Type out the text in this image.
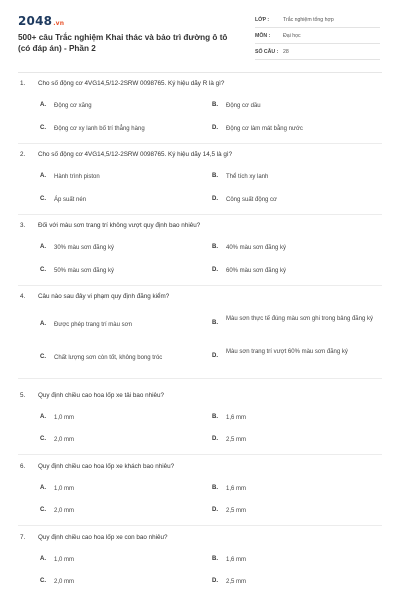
2048.vn
500+ câu Trắc nghiệm Khai thác và bảo trì đường ô tô (có đáp án) - Phần 2
LỚP :	Trắc nghiệm tổng hợp
MÔN : Đại học
SỐ CÂU : 28
1. Cho số động cơ 4VG14,5/12-2SRW 0098765. Ký hiệu dãy R là gì?
A. Động cơ xăng	B. Động cơ dầu
C. Động cơ xy lanh bố trí thẳng hàng	D. Động cơ làm mát bằng nước
2. Cho số động cơ 4VG14,5/12-2SRW 0098765. Ký hiệu dãy 14,5 là gì?
A. Hành trình piston	B. Thể tích xy lanh
C. Áp suất nén	D. Công suất động cơ
3. Đối với màu sơn trang trí không vượt quy định bao nhiêu?
A. 30% màu sơn đăng ký	B. 40% màu sơn đăng ký
C. 50% màu sơn đăng ký	D. 60% màu sơn đăng ký
4. Câu nào sau đây vi phạm quy định đăng kiểm?
A. Được phép trang trí màu sơn	B.
Màu sơn thực tế đúng màu sơn ghi trong bảng đăng ký
C. Chất lượng sơn còn tốt, không bong tróc	D.
Màu sơn trang trí vượt 60% màu sơn đăng ký
5. Quy định chiều cao hoa lốp xe tải bao nhiêu?
A. 1,0 mm	B. 1,6 mm
C. 2,0 mm	D. 2,5 mm
6. Quy định chiều cao hoa lốp xe khách bao nhiêu?
A. 1,0 mm	B. 1,6 mm
C. 2,0 mm	D. 2,5 mm
7. Quy định chiều cao hoa lốp xe con bao nhiêu?
A. 1,0 mm	B. 1,6 mm
C. 2,0 mm	D. 2,5 mm
